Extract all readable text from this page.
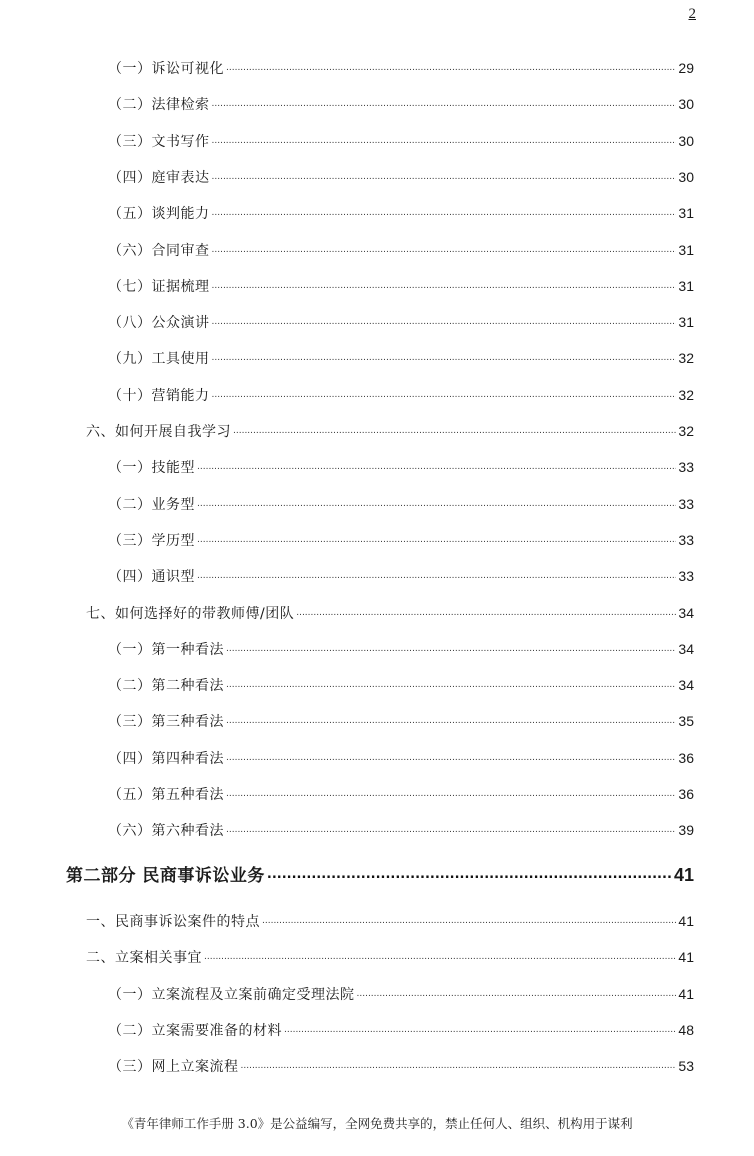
2
（一）诉讼可视化 .....	29
（二）法律检索 .....	30
（三）文书写作 .....	30
（四）庭审表达 .....	30
（五）谈判能力 .....	31
（六）合同审查 .....	31
（七）证据梳理 .....	31
（八）公众演讲 .....	31
（九）工具使用 .....	32
（十）营销能力 .....	32
六、如何开展自我学习 .....	32
（一）技能型 .....	33
（二）业务型 .....	33
（三）学历型 .....	33
（四）通识型 .....	33
七、如何选择好的带教师傅/团队 .....	34
（一）第一种看法 .....	34
（二）第二种看法 .....	34
（三）第三种看法 .....	35
（四）第四种看法 .....	36
（五）第五种看法 .....	36
（六）第六种看法 .....	39
第二部分 民商事诉讼业务 .....	41
一、民商事诉讼案件的特点 .....	41
二、立案相关事宜 .....	41
（一）立案流程及立案前确定受理法院 .....	41
（二）立案需要准备的材料 .....	48
（三）网上立案流程 .....	53
《青年律师工作手册 3.0》是公益编写，全网免费共享的，禁止任何人、组织、机构用于谋利
